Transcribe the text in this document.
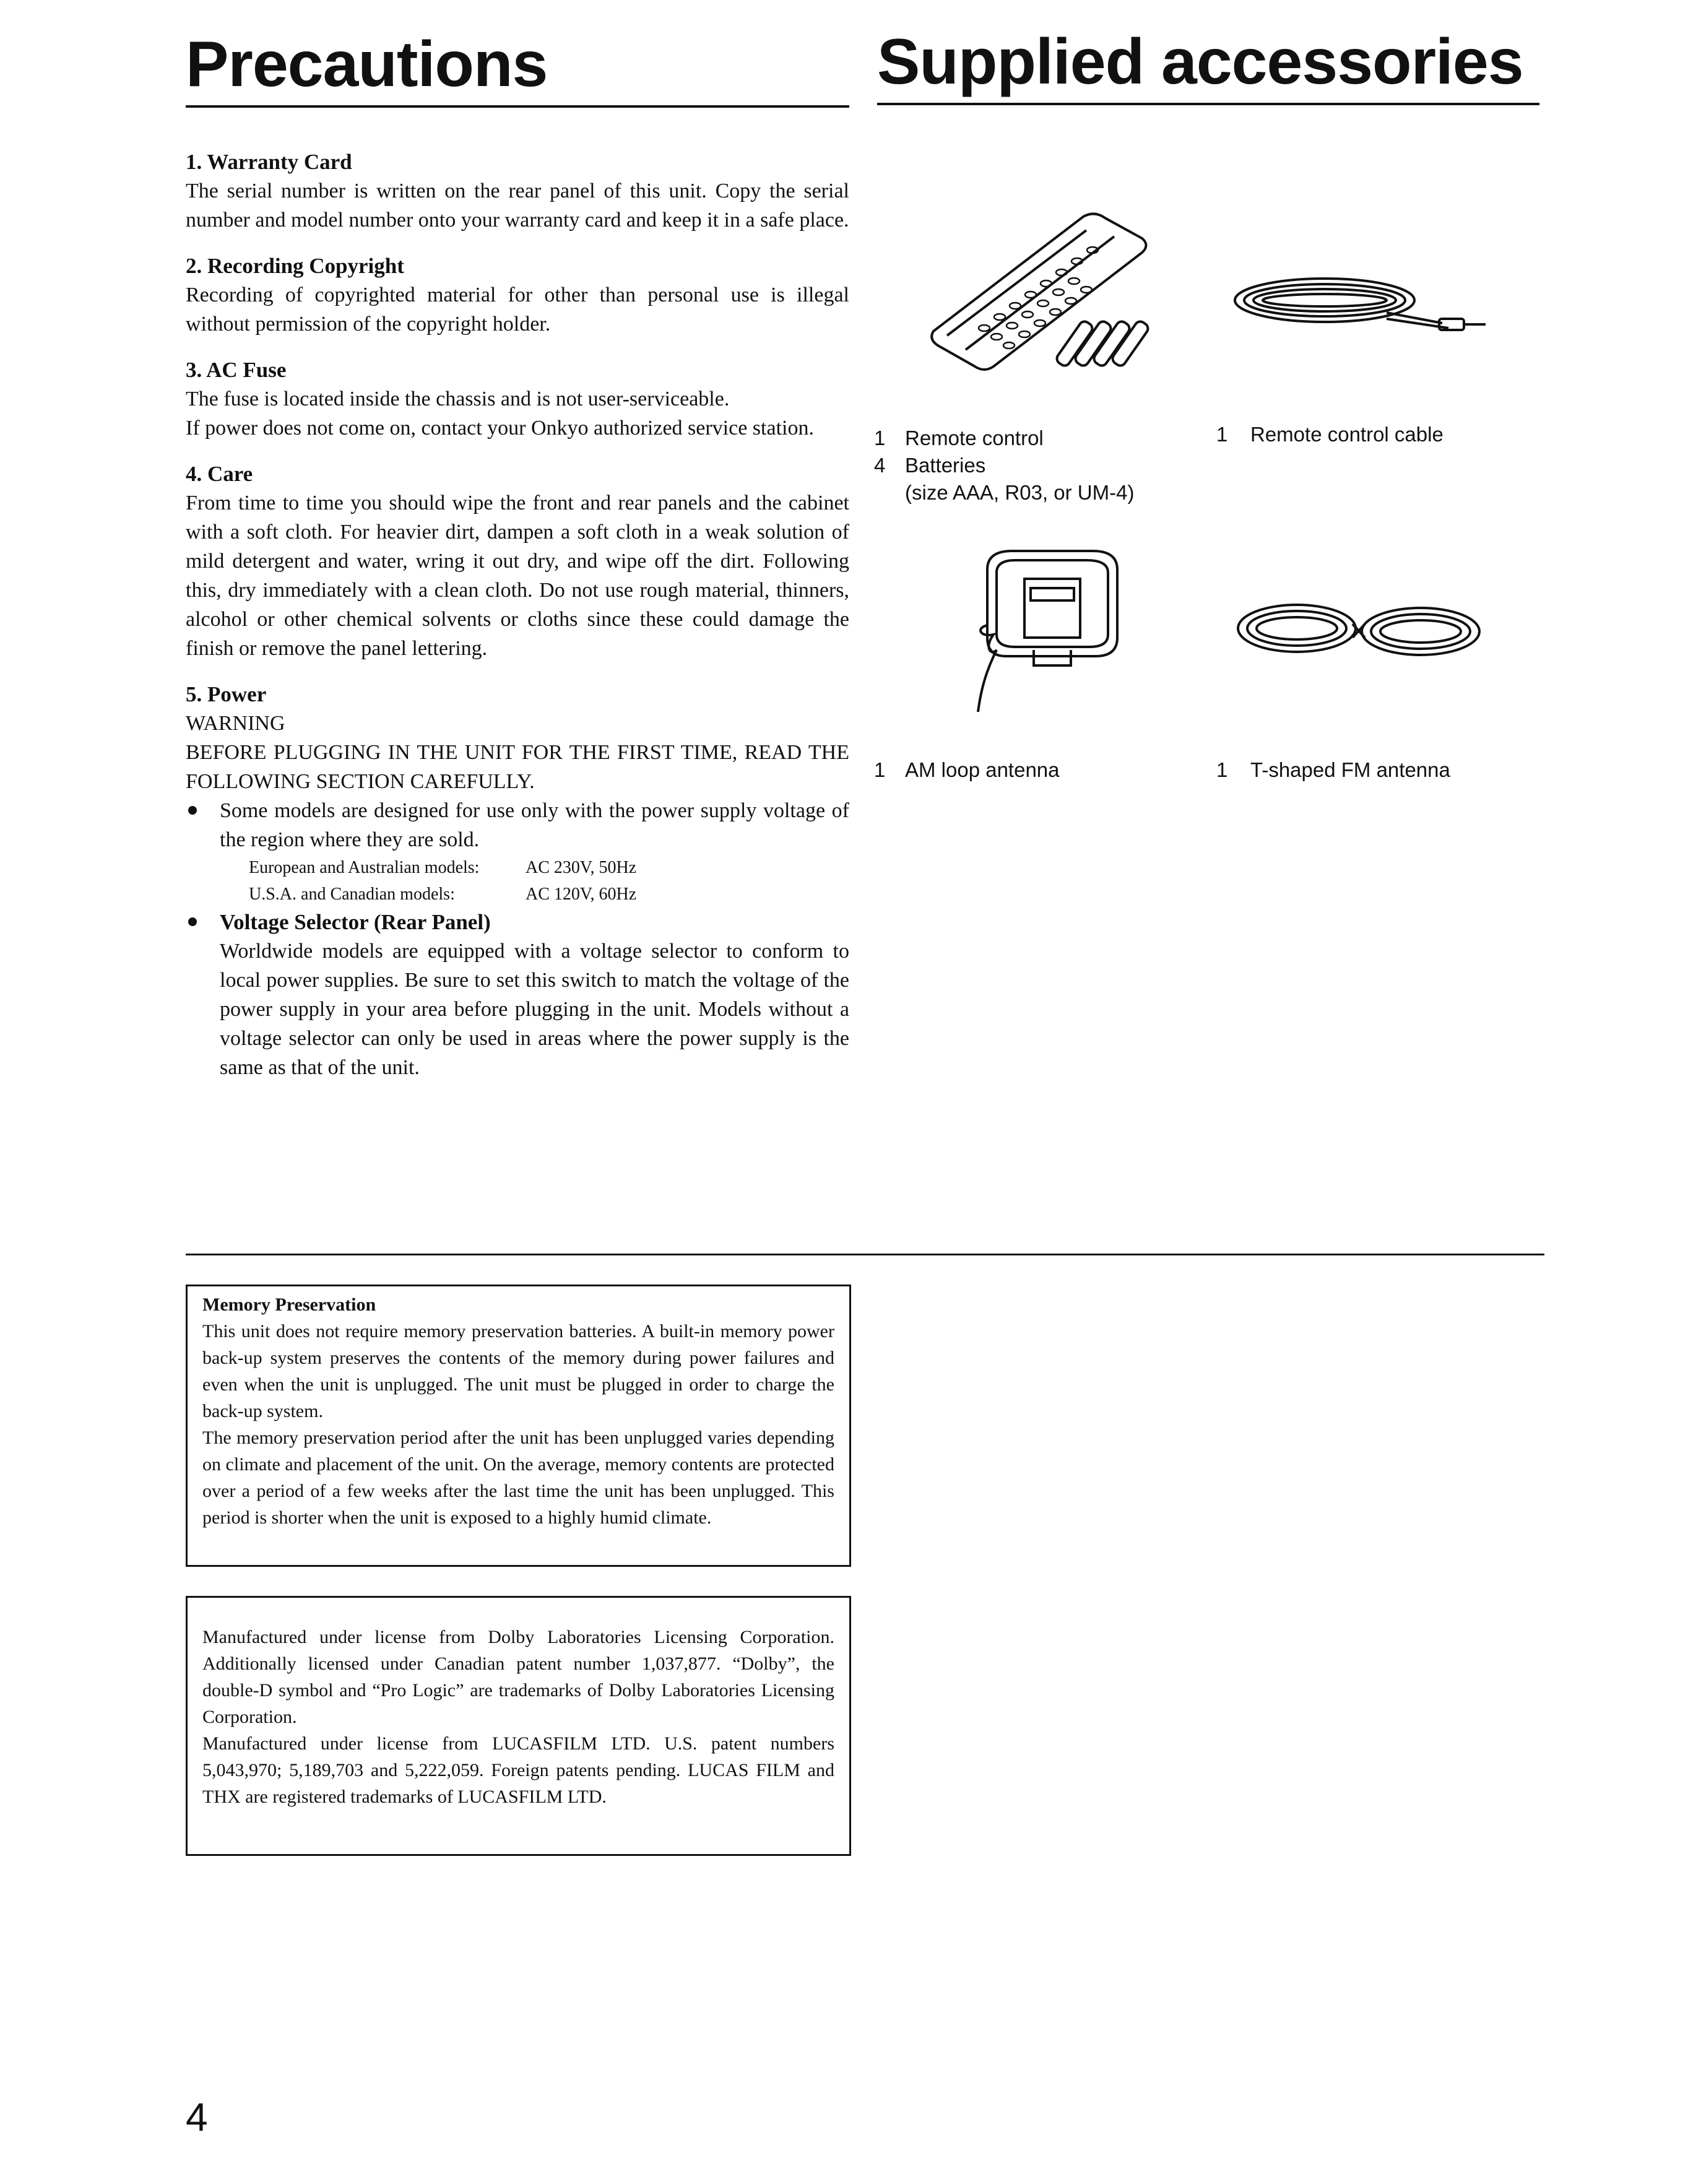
Precautions	Supplied accessories

1. Warranty Card

The serial number is written on the rear panel of this unit. Copy the serial number and model number onto your warranty card and keep it in a safe place.

2. Recording Copyright

Recording of copyrighted material for other than personal use is illegal without permission of the copyright holder.

3. AC Fuse

The fuse is located inside the chassis and is not user-serviceable.

If power does not come on, contact your Onkyo authorized service station.

4. Care

From time to time you should wipe the front and rear panels and the cabinet with a soft cloth. For heavier dirt, dampen a soft cloth in a weak solution of mild detergent and water, wring it out dry, and wipe off the dirt. Following this, dry immediately with a clean cloth. Do not use rough material, thinners, alcohol or other chemical solvents or cloths since these could damage the finish or remove the panel lettering.

5. Power

WARNING

BEFORE PLUGGING IN THE UNIT FOR THE FIRST TIME, READ THE FOLLOWING SECTION CAREFULLY.

Some models are designed for use only with the power supply voltage of the region where they are sold.

European and Australian models:	AC 230V, 50Hz
U.S.A. and Canadian models:	AC 120V, 60Hz

Voltage Selector (Rear Panel)

Worldwide models are equipped with a voltage selector to conform to local power supplies. Be sure to set this switch to match the voltage of the power supply in your area before plugging in the unit. Models without a voltage selector can only be used in areas where the power supply is the same as that of the unit.

1 Remote control
4 Batteries
(size AAA, R03, or UM-4)
1	Remote control cable
1 AM loop antenna	1	T-shaped FM antenna

Memory Preservation

This unit does not require memory preservation batteries. A built-in memory power back-up system preserves the contents of the memory during power failures and even when the unit is unplugged. The unit must be plugged in order to charge the back-up system.

The memory preservation period after the unit has been unplugged varies depending on climate and placement of the unit. On the average, memory contents are protected over a period of a few weeks after the last time the unit has been unplugged. This period is shorter when the unit is exposed to a highly humid climate.

Manufactured under license from Dolby Laboratories Licensing Corporation. Additionally licensed under Canadian patent number 1,037,877. “Dolby”, the double-D symbol and “Pro Logic” are trademarks of Dolby Laboratories Licensing Corporation.

Manufactured under license from LUCASFILM LTD. U.S. patent numbers 5,043,970; 5,189,703 and 5,222,059. Foreign patents pending. LUCAS FILM and THX are registered trademarks of LUCASFILM LTD.

4
